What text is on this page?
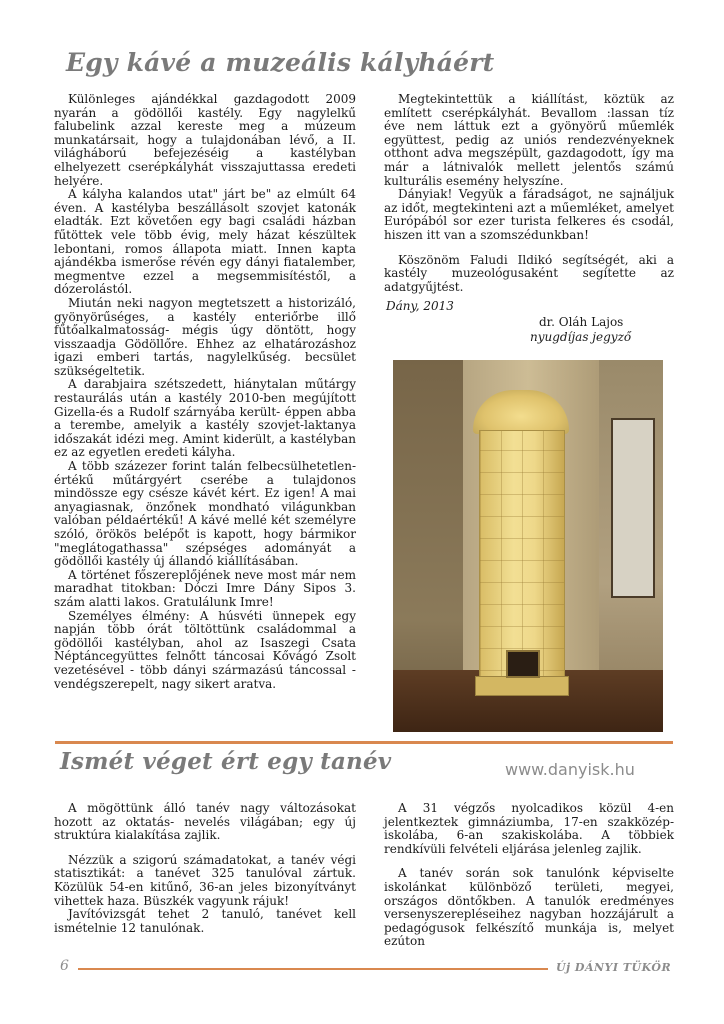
Egy kávé a muzeális kályháért

Különleges ajándékkal gazdagodott 2009 nyarán a gödöllői kastély. Egy nagylelkű falubelink azzal kereste meg a múzeum munkatársait, hogy a tulajdonában lévő, a II. világháború befejezéséig a kastélyban elhelyezett cserépkályhát visszajuttassa eredeti helyére.

A kályha kalandos utat" járt be" az elmúlt 64 éven. A kastélyba beszállásolt szovjet katonák eladták. Ezt követően egy bagi családi házban fűtöttek vele több évig, mely házat készültek lebontani, romos állapota miatt. Innen kapta ajándékba ismerőse révén egy dányi fiatalember, megmentve ezzel a megsemmisítéstől, a dózerolástól.

Miután neki nagyon megtetszett a historizáló, gyönyörűséges, a kastély enteriőrbe illő fűtőalkalmatosság- mégis úgy döntött, hogy visszaadja Gödöllőre. Ehhez az elhatározáshoz igazi emberi tartás, nagylelkűség. becsület szükségeltetik.

A darabjaira szétszedett, hiánytalan műtárgy restaurálás után a kastély 2010-ben megújított Gizella-és a Rudolf szárnyába került- éppen abba a terembe, amelyik a kastély szovjet-laktanya időszakát idézi meg. Amint kiderült, a kastélyban ez az egyetlen eredeti kályha.

A több százezer forint talán felbecsülhetetlen-értékű műtárgyért cserébe a tulajdonos mindössze egy csésze kávét kért. Ez igen! A mai anyagiasnak, önzőnek mondható világunkban valóban példaértékű! A kávé mellé két személyre szóló, örökös belépőt is kapott, hogy bármikor "meglátogathassa" szépséges adományát a gödöllői kastély új állandó kiállításában.

A történet főszereplőjének neve most már nem maradhat titokban: Dóczi Imre Dány Sipos 3. szám alatti lakos. Gratulálunk Imre!

Személyes élmény: A húsvéti ünnepek egy napján több órát töltöttünk családommal a gödöllői kastélyban, ahol az Isaszegi Csata Néptáncegyüttes felnőtt táncosai Kővágó Zsolt vezetésével - több dányi származású táncossal - vendégszerepelt, nagy sikert aratva.

Megtekintettük a kiállítást, köztük az említett cserépkályhát. Bevallom :lassan tíz éve nem láttuk ezt a gyönyörű műemlék együttest, pedig az uniós rendezvényeknek otthont adva megszépült, gazdagodott, így ma már a látnivalók mellett jelentős számú kulturális esemény helyszíne.

Dányiak! Vegyük a fáradságot, ne sajnáljuk az időt, megtekinteni azt a műemléket, amelyet Európából sor ezer turista felkeres és csodál, hiszen itt van a szomszédunkban!

Köszönöm Faludi Ildikó segítségét, aki a kastély muzeológusaként segítette az adatgyűjtést.

Dány, 2013
dr. Oláh Lajos
nyugdíjas jegyző
Ismét véget ért egy tanév	www.danyisk.hu

A mögöttünk álló tanév nagy változásokat hozott az oktatás- nevelés világában; egy új struktúra kialakítása zajlik.

Nézzük a szigorú számadatokat, a tanév végi statisztikát: a tanévet 325 tanulóval zártuk. Közülük 54-en kitűnő, 36-an jeles bizonyítványt vihettek haza. Büszkék vagyunk rájuk!

Javítóvizsgát tehet 2 tanuló, tanévet kell ismételnie 12 tanulónak.

A 31 végzős nyolcadikos közül 4-en jelentkeztek gimnáziumba, 17-en szakközép-iskolába, 6-an szakiskolába. A többiek rendkívüli felvételi eljárása jelenleg zajlik.

A tanév során sok tanulónk képviselte iskolánkat különböző területi, megyei, országos döntőkben. A tanulók eredményes versenyszerepléseihez nagyban hozzájárult a pedagógusok felkészítő munkája is, melyet ezúton

6	Új DÁNYI TÜKÖR
